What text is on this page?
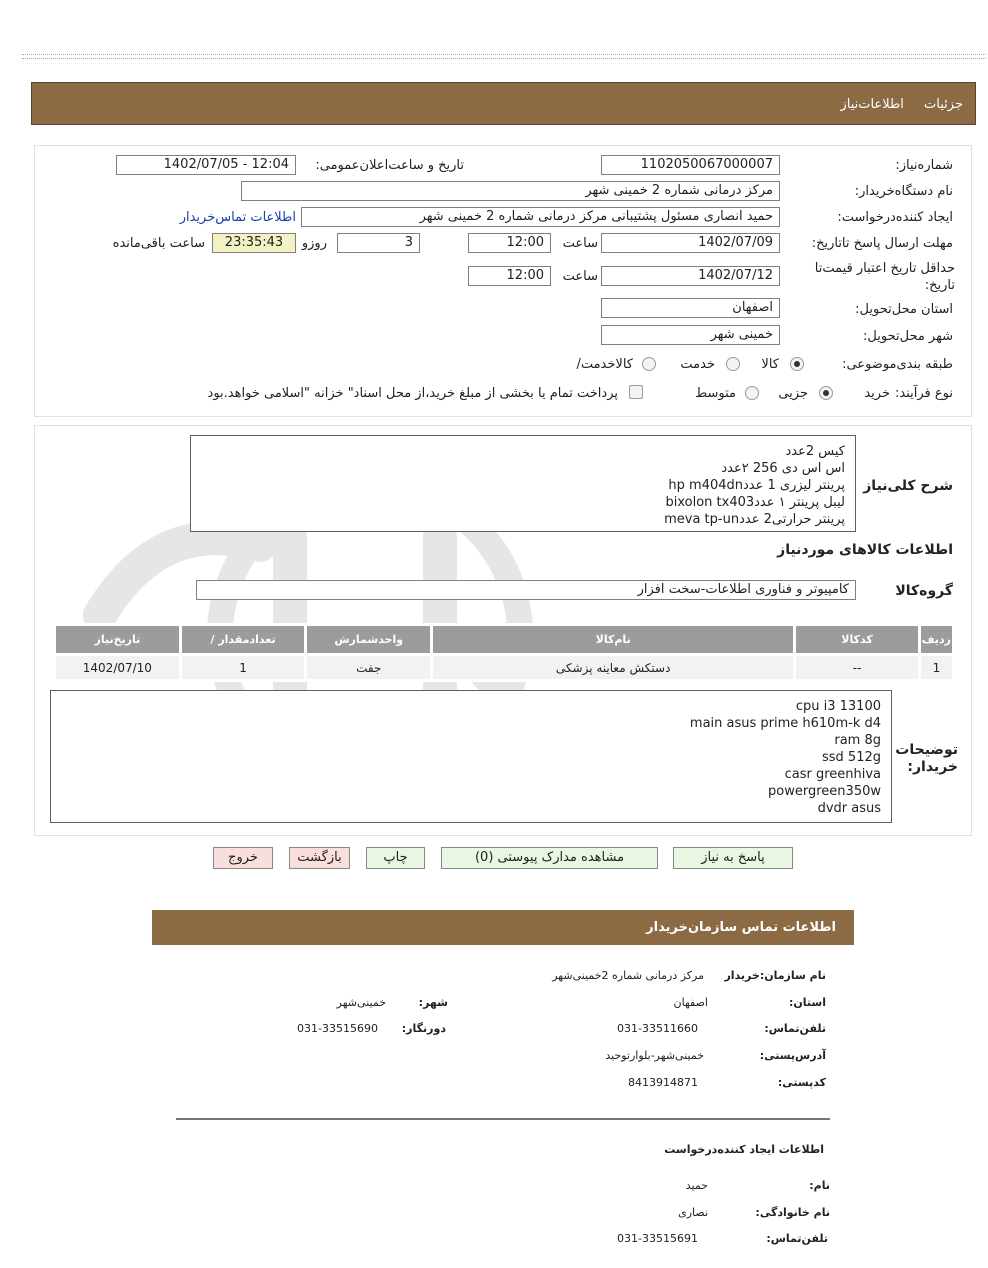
جزئیات اطلاعات‌نیاز
شماره‌نیاز:
1102050067000007
تاریخ و ساعت‌اعلان‌عمومی:
1402/07/05 - 12:04
نام دستگاه‌خریدار:
مرکز درمانی شماره 2 خمینی شهر
ایجاد کننده‌درخواست:
حمید انصاری مسئول پشتیبانی مرکز درمانی شماره 2 خمینی شهر
اطلاعات تماس‌خریدار
مهلت ارسال ‌پاسخ تا‌تاریخ:
1402/07/09
ساعت
12:00
3
روزو
23:35:43
ساعت باقی‌مانده
حداقل تاریخ اعتبار قیمت‌تا تاریخ:
1402/07/12
ساعت
12:00
استان محل‌تحویل:
اصفهان
شهر محل‌تحویل:
خمینی شهر
طبقه بندی‌موضوعی:
کالا
خدمت
کالا‌خدمت/
نوع فرآیند:
خرید
جزیی
متوسط
پرداخت تمام یا بخشی از مبلغ خرید،از محل اسناد" خزانه "اسلامی خواهد.بود
شرح کلی‌نیاز
کیس 2عدد
اس اس دی 256 ۲عدد
پرینتر لیزری 1 عددhp m404dn
لیبل پرینتر ۱ عددbixolon tx403
پرینتر حرارتی2 عددmeva tp-un
اطلاعات کالاهای موردنیاز
گروه‌کالا
کامپیوتر و فناوری اطلاعات-سخت افزار
ردیف	کدکالا	نام‌کالا	واحدشمارش	تعدادمقدار /	تاریخ‌نیاز
1	--	دستکش معاینه پزشکی	جفت	1	1402/07/10
توضیحات خریدار:
cpu i3 13100
main asus prime h610m-k d4
ram 8g
ssd 512g
casr greenhiva
powergreen350w
dvdr asus
پاسخ به نیاز
مشاهده مدارک پیوستی (0)
چاپ
بازگشت
خروج
اطلاعات تماس سازمان‌خریدار
نام سازمان‌:خریدار
مرکز درمانی شماره 2خمینی‌شهر
استان:
اصفهان
شهر:
خمینی‌شهر
تلفن‌تماس:
031-33511660
دورنگار:
031-33515690
آدرس‌پستی:
خمینی‌شهر-بلوارتوحید
کد‌پستی:
8413914871
اطلاعات ایجاد کننده‌درخواست
نام:
حمید
نام خانوادگی:
نصاری
تلفن‌تماس:
031-33515691
